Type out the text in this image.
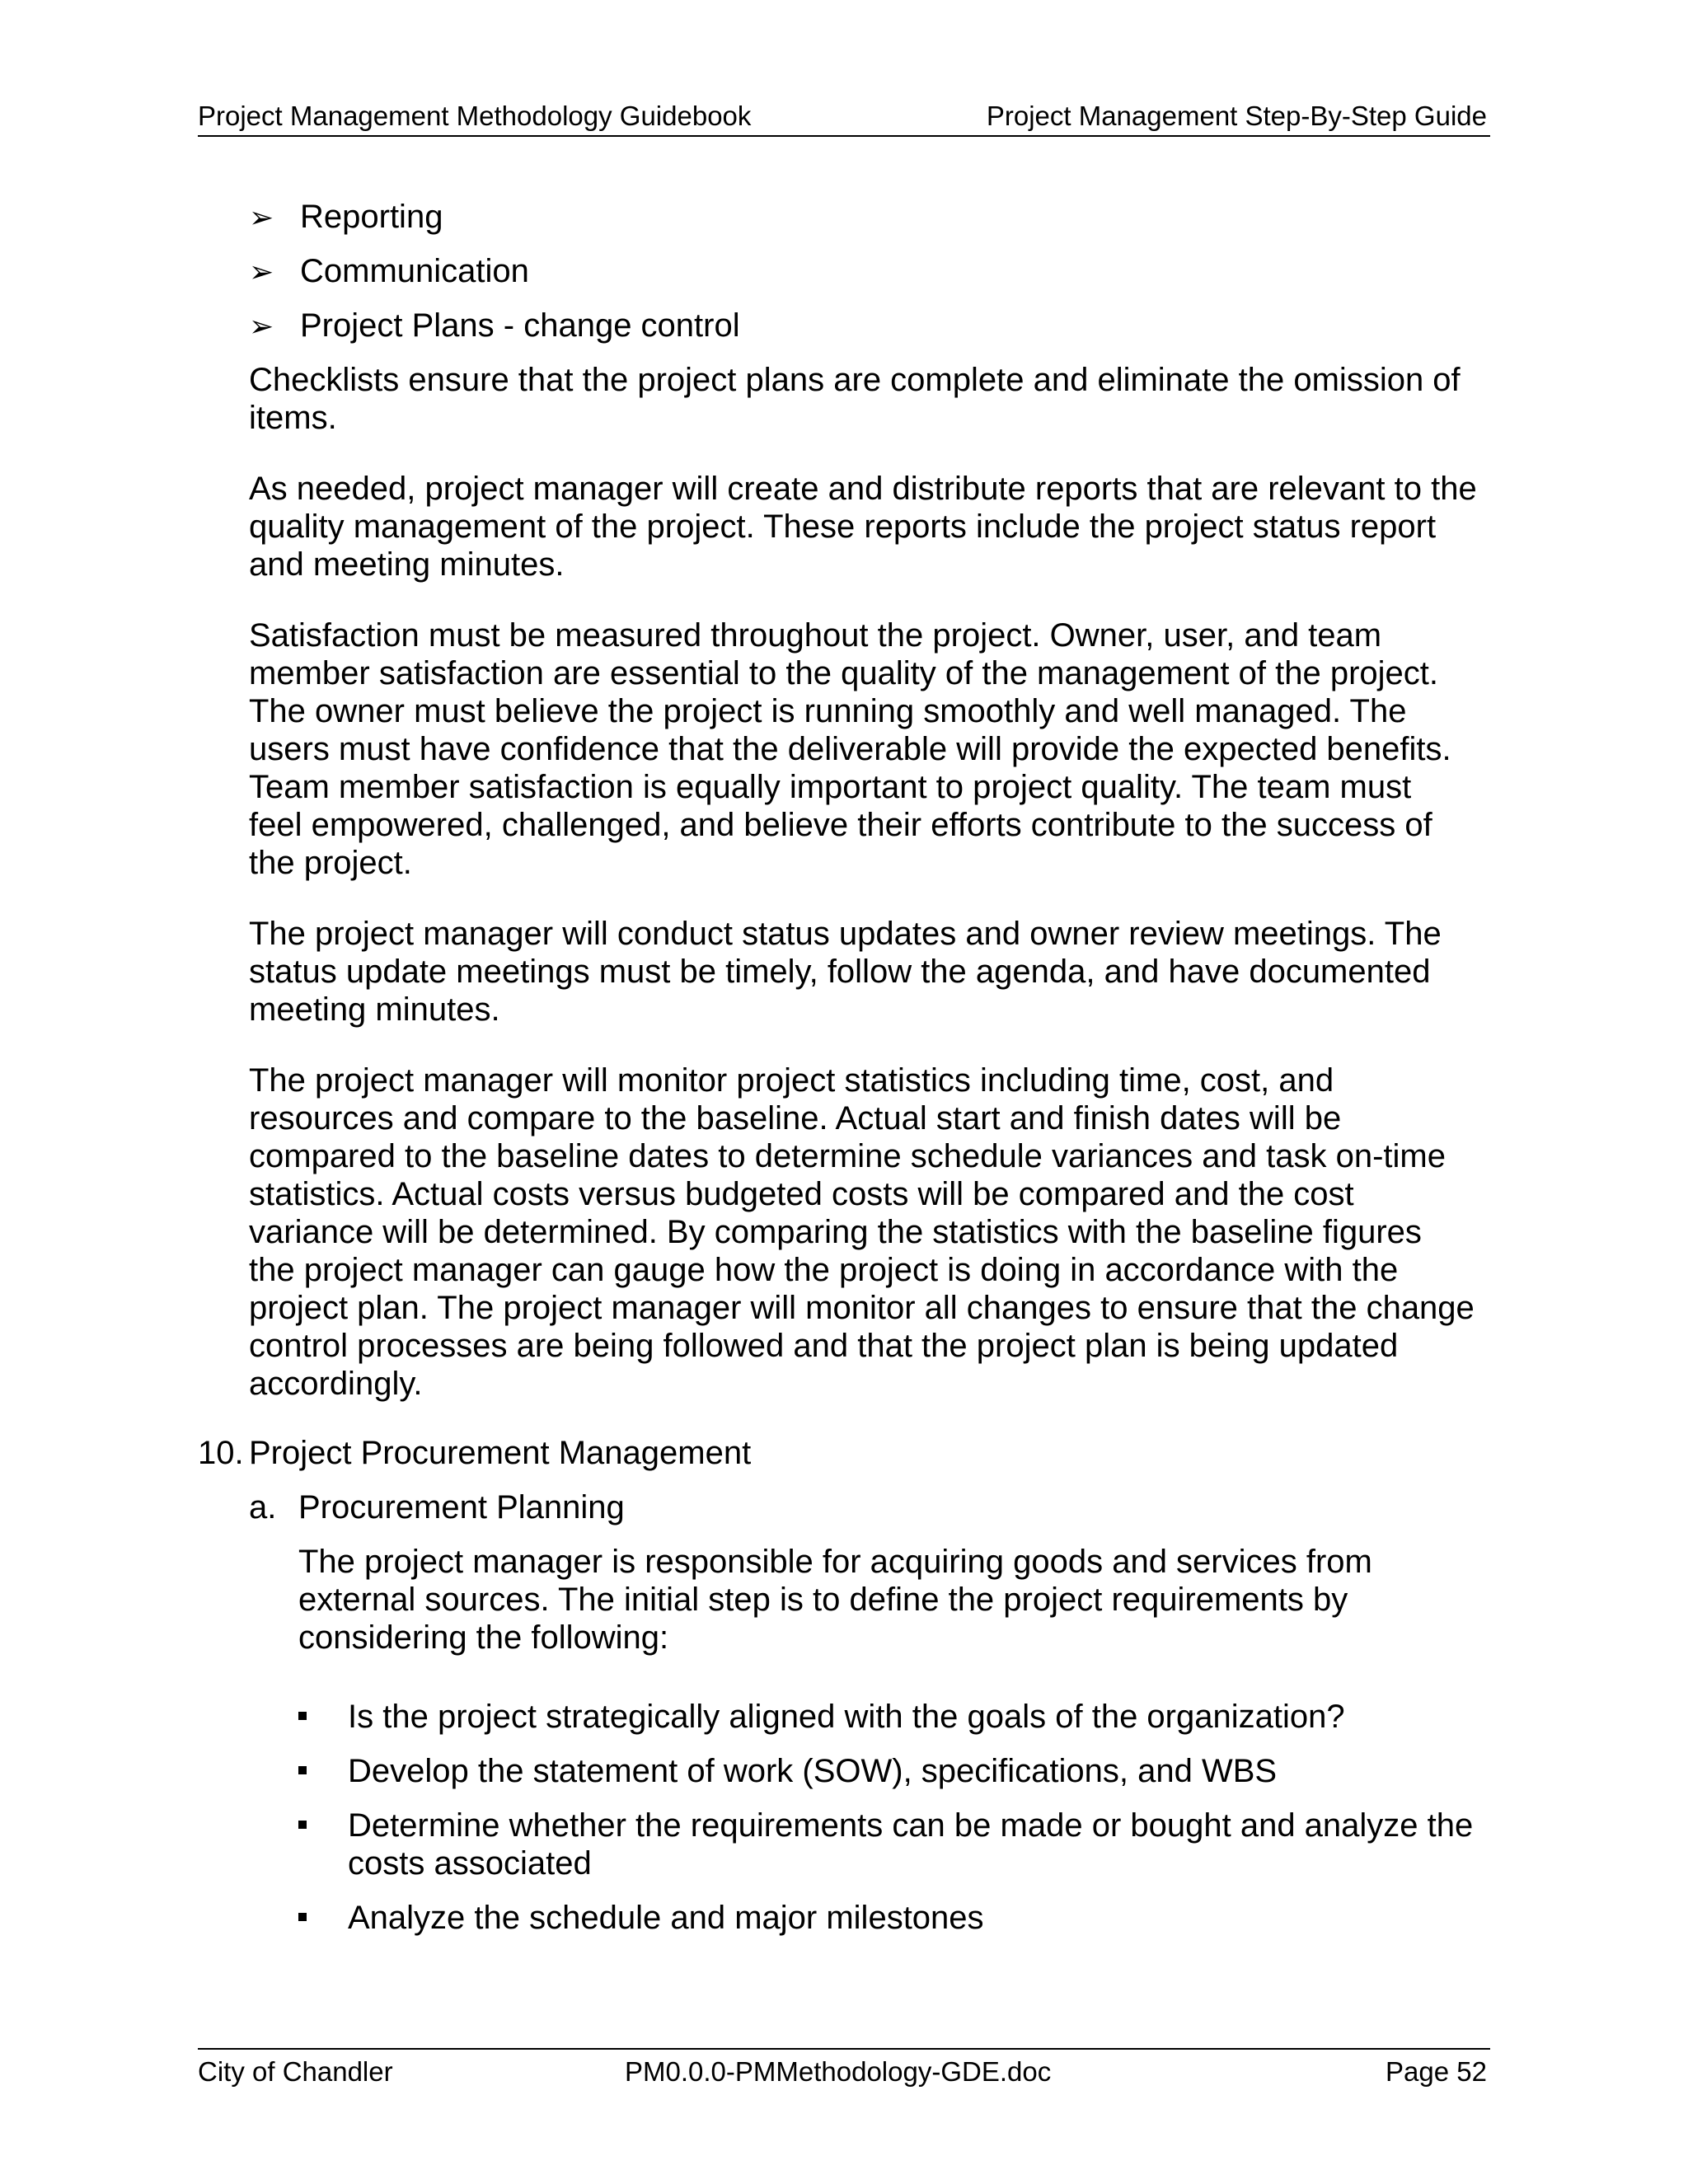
Project Management Methodology Guidebook	Project Management Step-By-Step Guide
➢ Reporting
➢ Communication
➢ Project Plans - change control
Checklists ensure that the project plans are complete and eliminate the omission of
items.
As needed, project manager will create and distribute reports that are relevant to the
quality management of the project. These reports include the project status report
and meeting minutes.
Satisfaction must be measured throughout the project. Owner, user, and team
member satisfaction are essential to the quality of the management of the project.
The owner must believe the project is running smoothly and well managed. The
users must have confidence that the deliverable will provide the expected benefits.
Team member satisfaction is equally important to project quality. The team must
feel empowered, challenged, and believe their efforts contribute to the success of
the project.
The project manager will conduct status updates and owner review meetings. The
status update meetings must be timely, follow the agenda, and have documented
meeting minutes.
The project manager will monitor project statistics including time, cost, and
resources and compare to the baseline. Actual start and finish dates will be
compared to the baseline dates to determine schedule variances and task on-time
statistics. Actual costs versus budgeted costs will be compared and the cost
variance will be determined. By comparing the statistics with the baseline figures
the project manager can gauge how the project is doing in accordance with the
project plan. The project manager will monitor all changes to ensure that the change
control processes are being followed and that the project plan is being updated
accordingly.
10. Project Procurement Management
a. Procurement Planning
The project manager is responsible for acquiring goods and services from
external sources. The initial step is to define the project requirements by
considering the following:
Is the project strategically aligned with the goals of the organization?
Develop the statement of work (SOW), specifications, and WBS
Determine whether the requirements can be made or bought and analyze the
costs associated
Analyze the schedule and major milestones
City of Chandler	PM0.0.0-PMMethodology-GDE.doc	Page 52
